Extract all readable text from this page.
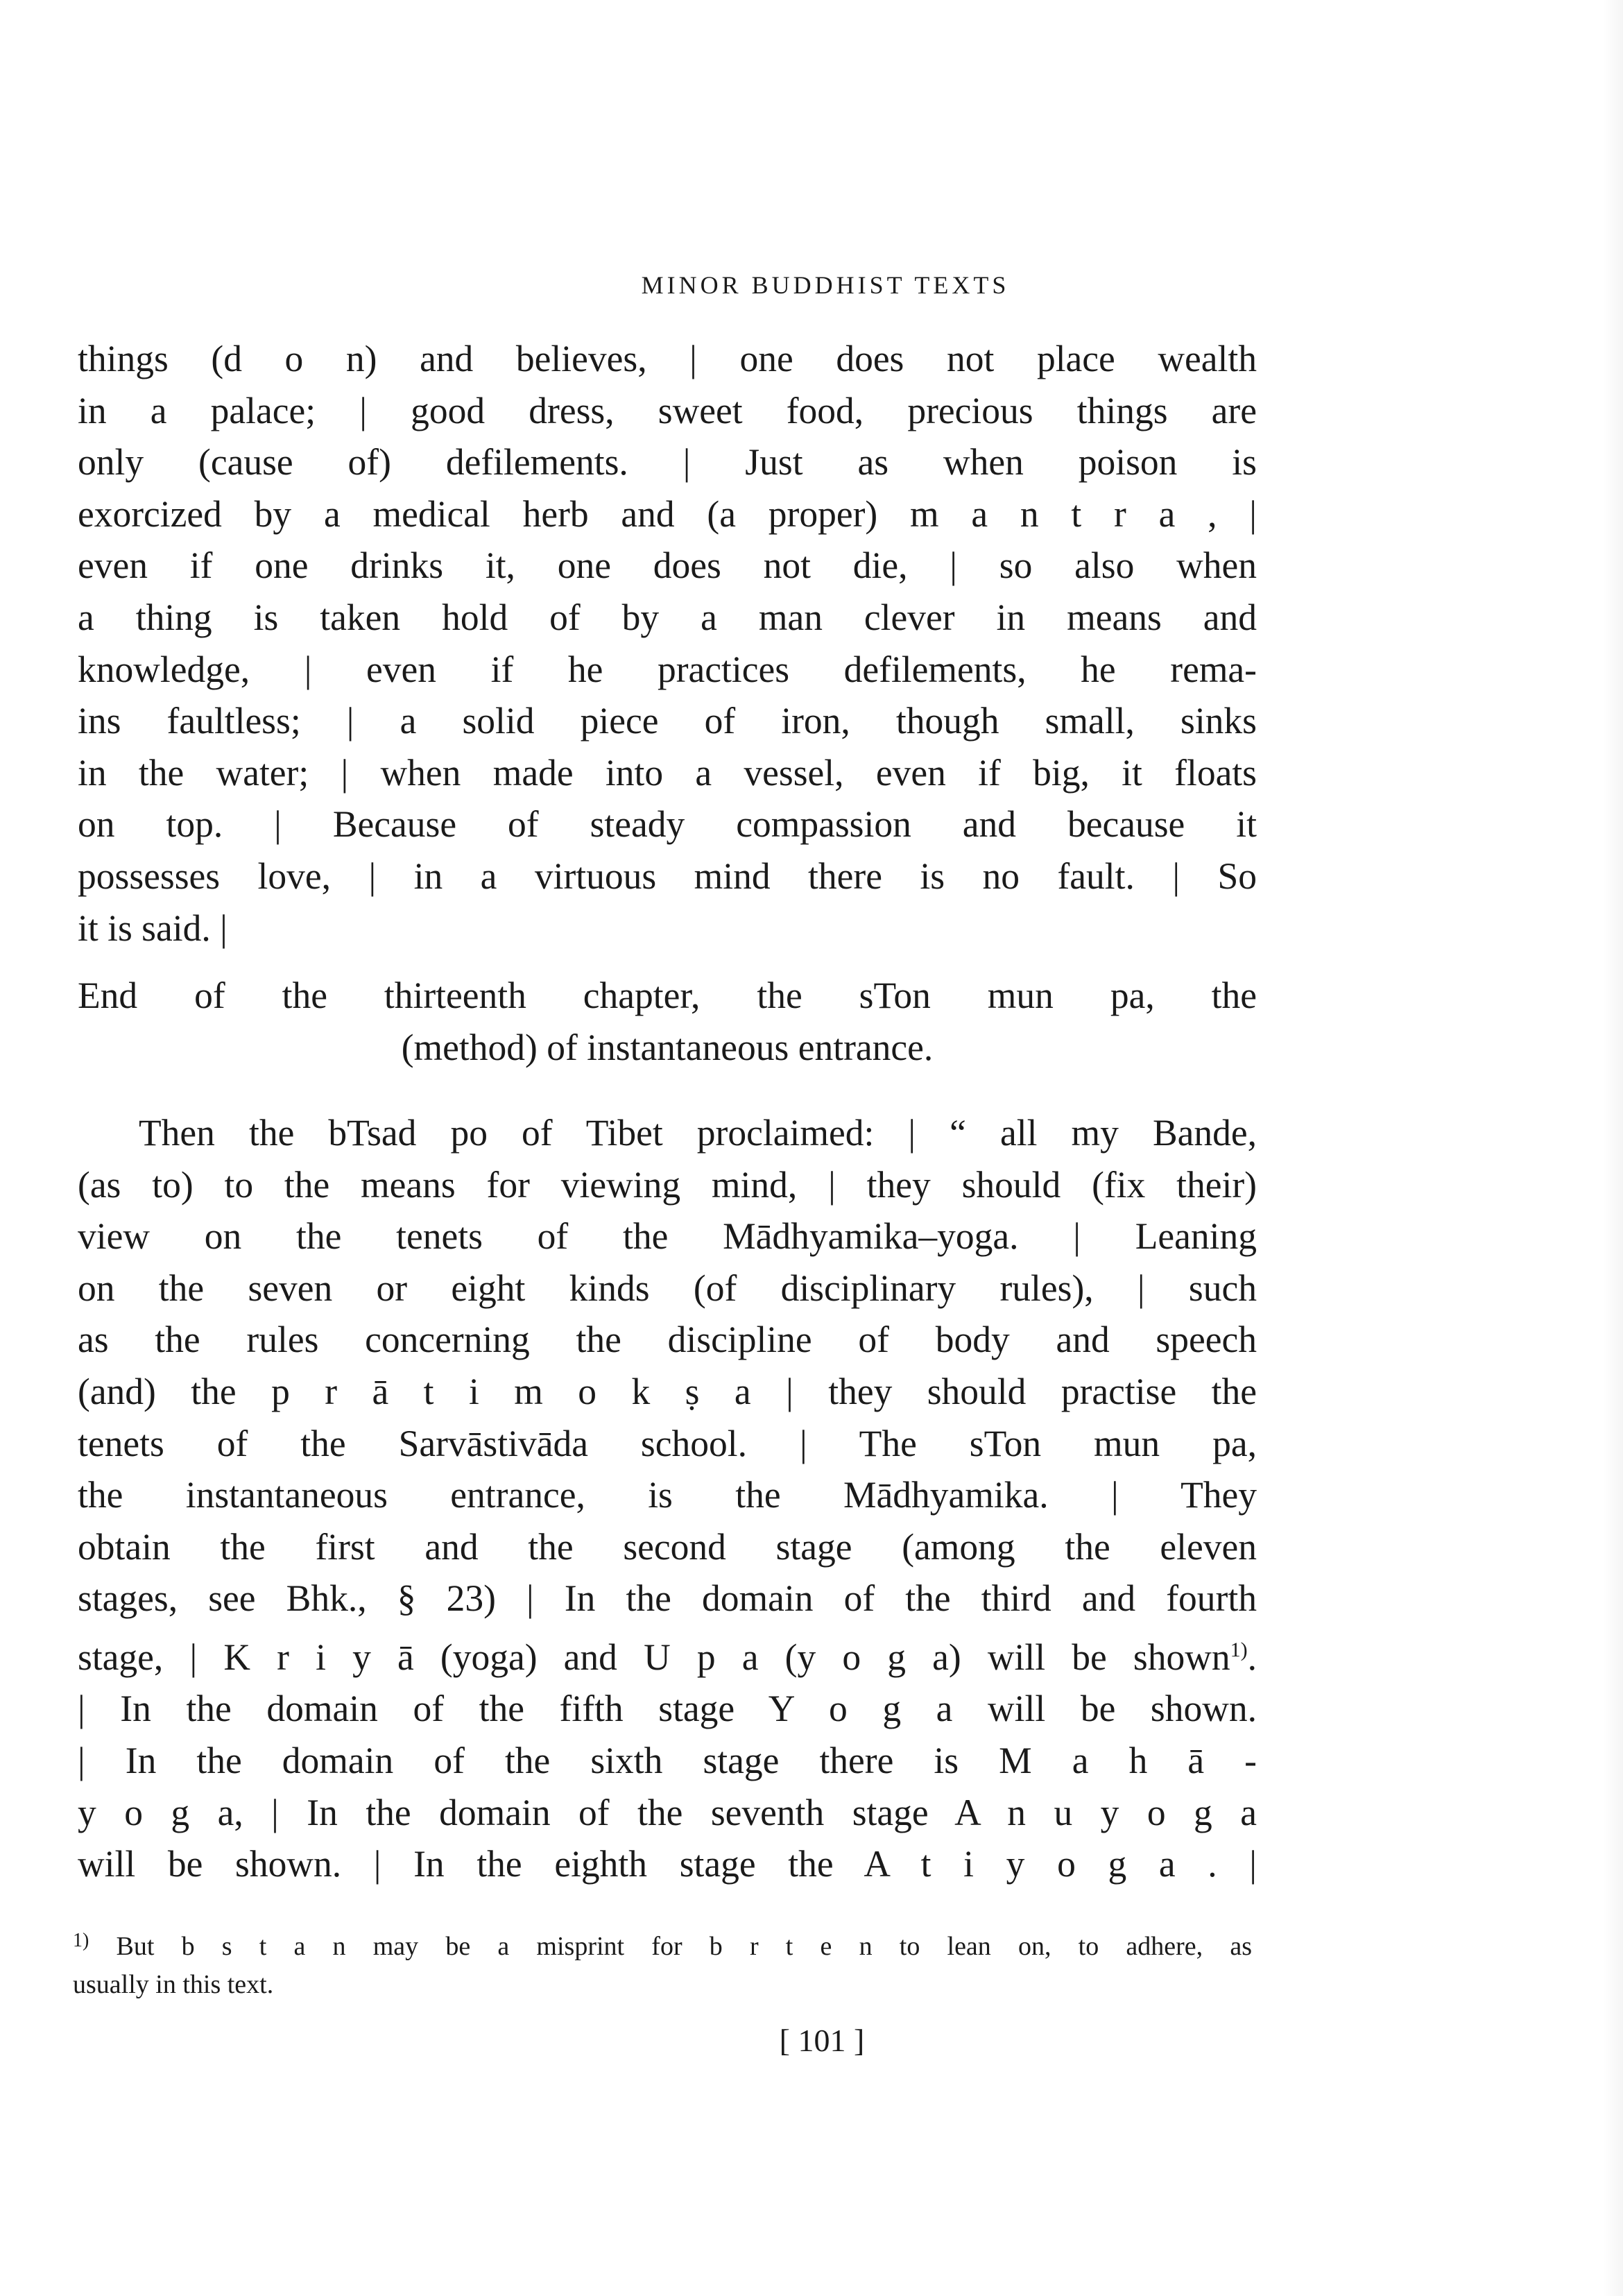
MINOR BUDDHIST TEXTS
things (d o n) and believes, | one does not place wealth
in a palace; | good dress, sweet food, precious things are
only (cause of) defilements. | Just as when poison is
exorcized by a medical herb and (a proper) m a n t r a , |
even if one drinks it, one does not die, | so also when
a thing is taken hold of by a man clever in means and
knowledge, | even if he practices defilements, he rema-
ins faultless; | a solid piece of iron, though small, sinks
in the water; | when made into a vessel, even if big, it floats
on top. | Because of steady compassion and because it
possesses love, | in a virtuous mind there is no fault. | So
it is said. |
End of the thirteenth chapter, the sTon mun pa, the
(method) of instantaneous entrance.
Then the bTsad po of Tibet proclaimed: | “ all my Bande,
(as to) to the means for viewing mind, | they should (fix their)
view on the tenets of the Mādhyamika–yoga. | Leaning
on the seven or eight kinds (of disciplinary rules), | such
as the rules concerning the discipline of body and speech
(and) the p r ā t i m o k ṣ a | they should practise the
tenets of the Sarvāstivāda school. | The sTon mun pa,
the instantaneous entrance, is the Mādhyamika. | They
obtain the first and the second stage (among the eleven
stages, see Bhk., § 23) | In the domain of the third and fourth
stage, | K r i y ā (yoga) and U p a (y o g a) will be shown$^{1)}$.
| In the domain of the fifth stage Y o g a will be shown.
| In the domain of the sixth stage there is M a h ā -
y o g a, | In the domain of the seventh stage A n u y o g a
will be shown. | In the eighth stage the A t i y o g a . |
$^{1)}$ But b s t a n may be a misprint for b r t e n to lean on, to adhere, as
usually in this text.
[ 101 ]
